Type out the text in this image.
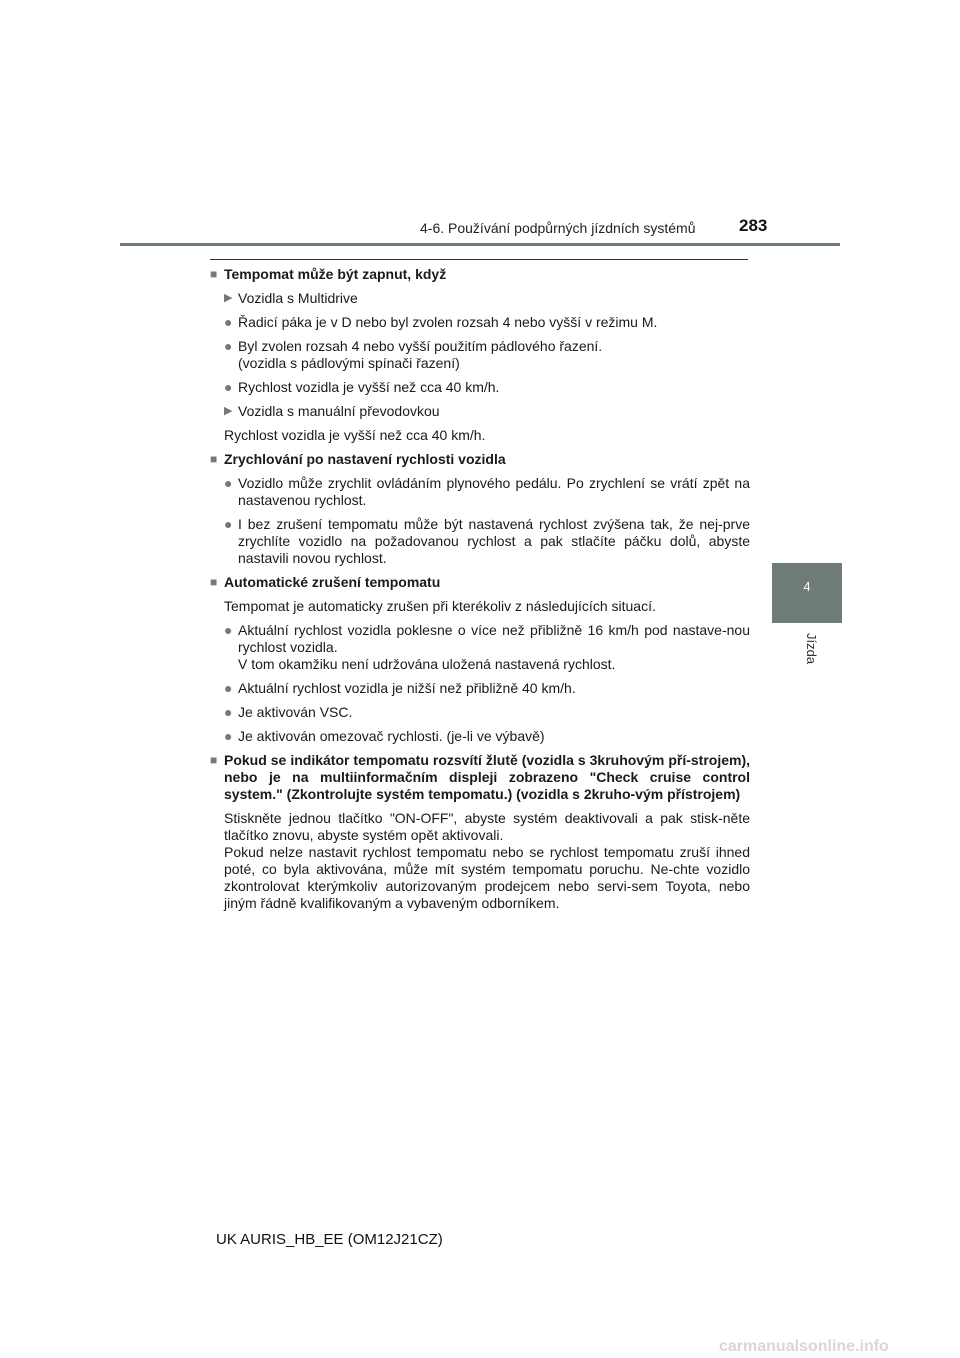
4-6. Používání podpůrných jízdních systémů	283
4
Jízda
■ Tempomat může být zapnut, když
▶ Vozidla s Multidrive
● Řadicí páka je v D nebo byl zvolen rozsah 4 nebo vyšší v režimu M.
● Byl zvolen rozsah 4 nebo vyšší použitím pádlového řazení.
(vozidla s pádlovými spínači řazení)
● Rychlost vozidla je vyšší než cca 40 km/h.
▶ Vozidla s manuální převodovkou
Rychlost vozidla je vyšší než cca 40 km/h.
■ Zrychlování po nastavení rychlosti vozidla
● Vozidlo může zrychlit ovládáním plynového pedálu. Po zrychlení se vrátí zpět na nastavenou rychlost.
● I bez zrušení tempomatu může být nastavená rychlost zvýšena tak, že nej-prve zrychlíte vozidlo na požadovanou rychlost a pak stlačíte páčku dolů, abyste nastavili novou rychlost.
■ Automatické zrušení tempomatu
Tempomat je automaticky zrušen při kterékoliv z následujících situací.
● Aktuální rychlost vozidla poklesne o více než přibližně 16 km/h pod nastave-nou rychlost vozidla.
V tom okamžiku není udržována uložená nastavená rychlost.
● Aktuální rychlost vozidla je nižší než přibližně 40 km/h.
● Je aktivován VSC.
● Je aktivován omezovač rychlosti. (je-li ve výbavě)
■ Pokud se indikátor tempomatu rozsvítí žlutě (vozidla s 3kruhovým pří-strojem), nebo je na multiinformačním displeji zobrazeno "Check cruise control system." (Zkontrolujte systém tempomatu.) (vozidla s 2kruho-vým přístrojem)
Stiskněte jednou tlačítko "ON-OFF", abyste systém deaktivovali a pak stisk-něte tlačítko znovu, abyste systém opět aktivovali.
Pokud nelze nastavit rychlost tempomatu nebo se rychlost tempomatu zruší ihned poté, co byla aktivována, může mít systém tempomatu poruchu. Ne-chte vozidlo zkontrolovat kterýmkoliv autorizovaným prodejcem nebo servi-sem Toyota, nebo jiným řádně kvalifikovaným a vybaveným odborníkem.
UK AURIS_HB_EE (OM12J21CZ)
carmanualsonline.info
